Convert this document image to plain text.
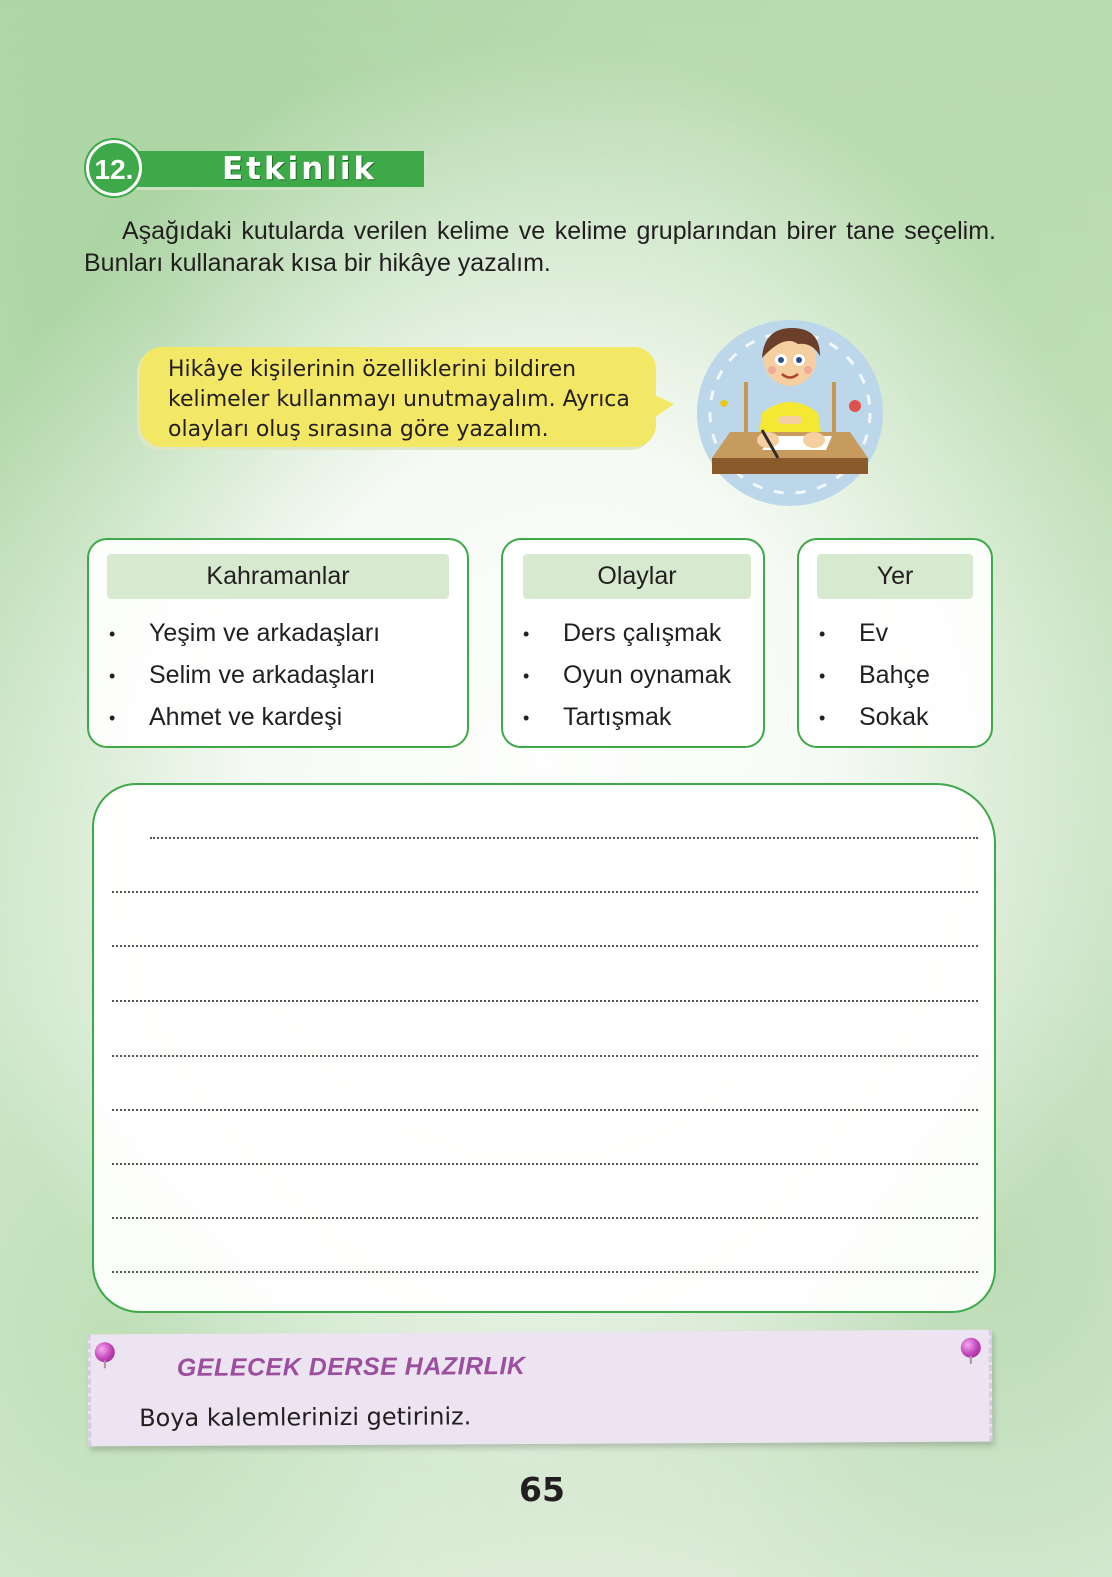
Etkinlik
12.
Aşağıdaki kutularda verilen kelime ve kelime gruplarından birer tane seçelim. Bunları kullanarak kısa bir hikâye yazalım.
Hikâye kişilerinin özelliklerini bildiren kelimeler kullanmayı unutmayalım. Ayrıca olayları oluş sırasına göre yazalım.
Kahramanlar
• Yeşim ve arkadaşları
• Selim ve arkadaşları
• Ahmet ve kardeşi
Olaylar
• Ders çalışmak
• Oyun oynamak
• Tartışmak
Yer
• Ev
• Bahçe
• Sokak
GELECEK DERSE HAZIRLIK
Boya kalemlerinizi getiriniz.
65
